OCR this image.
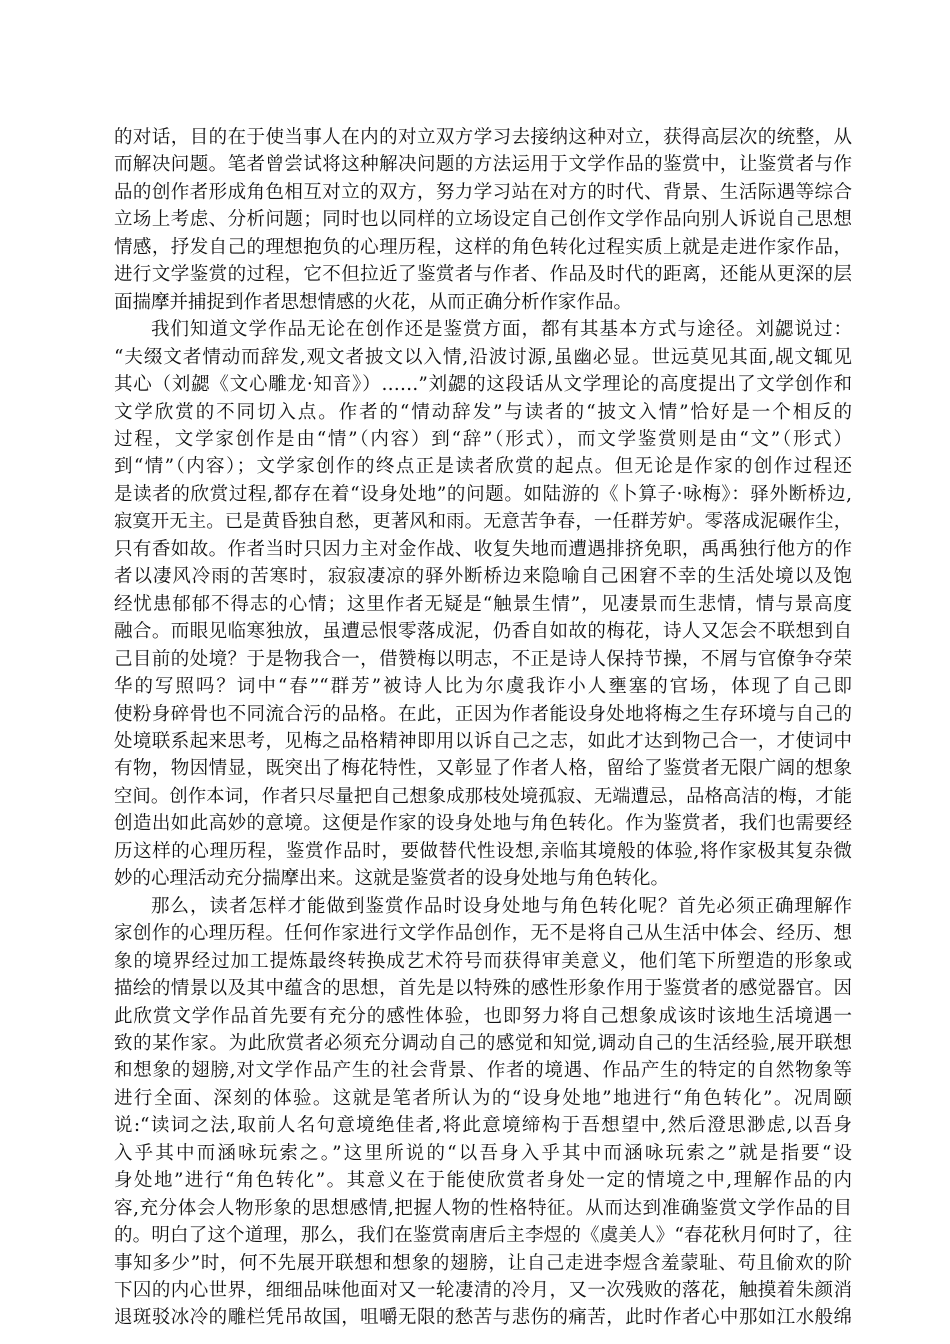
的对话，目的在于使当事人在内的对立双方学习去接纳这种对立，获得高层次的统整，从
而解决问题。笔者曾尝试将这种解决问题的方法运用于文学作品的鉴赏中，让鉴赏者与作
品的创作者形成角色相互对立的双方，努力学习站在对方的时代、背景、生活际遇等综合
立场上考虑、分析问题；同时也以同样的立场设定自己创作文学作品向别人诉说自己思想
情感，抒发自己的理想抱负的心理历程，这样的角色转化过程实质上就是走进作家作品，
进行文学鉴赏的过程，它不但拉近了鉴赏者与作者、作品及时代的距离，还能从更深的层
面揣摩并捕捉到作者思想情感的火花，从而正确分析作家作品。
我们知道文学作品无论在创作还是鉴赏方面，都有其基本方式与途径。刘勰说过：
“夫缀文者情动而辞发,观文者披文以入情,沿波讨源,虽幽必显。世远莫见其面,觇文辄见
其心（刘勰《文心雕龙·知音》）……”刘勰的这段话从文学理论的高度提出了文学创作和
文学欣赏的不同切入点。作者的“情动辞发”与读者的“披文入情”恰好是一个相反的
过程，文学家创作是由“情”（内容）到“辞”（形式），而文学鉴赏则是由“文”（形式）
到“情”（内容）；文学家创作的终点正是读者欣赏的起点。但无论是作家的创作过程还
是读者的欣赏过程,都存在着“设身处地”的问题。如陆游的《卜算子·咏梅》：驿外断桥边,
寂寞开无主。已是黄昏独自愁，更著风和雨。无意苦争春，一任群芳妒。零落成泥碾作尘，
只有香如故。作者当时只因力主对金作战、收复失地而遭遇排挤免职，禹禹独行他方的作
者以凄风冷雨的苦寒时，寂寂凄凉的驿外断桥边来隐喻自己困窘不幸的生活处境以及饱
经忧患郁郁不得志的心情；这里作者无疑是“触景生情”，见凄景而生悲情，情与景高度
融合。而眼见临寒独放，虽遭忌恨零落成泥，仍香自如故的梅花，诗人又怎会不联想到自
己目前的处境？于是物我合一，借赞梅以明志，不正是诗人保持节操，不屑与官僚争夺荣
华的写照吗？词中“春”“群芳”被诗人比为尔虞我诈小人壅塞的官场，体现了自己即
使粉身碎骨也不同流合污的品格。在此，正因为作者能设身处地将梅之生存环境与自己的
处境联系起来思考，见梅之品格精神即用以诉自己之志，如此才达到物己合一，才使词中
有物，物因情显，既突出了梅花特性，又彰显了作者人格，留给了鉴赏者无限广阔的想象
空间。创作本词，作者只尽量把自己想象成那枝处境孤寂、无端遭忌，品格高洁的梅，才能
创造出如此高妙的意境。这便是作家的设身处地与角色转化。作为鉴赏者，我们也需要经
历这样的心理历程，鉴赏作品时，要做替代性设想,亲临其境般的体验,将作家极其复杂微
妙的心理活动充分揣摩出来。这就是鉴赏者的设身处地与角色转化。
那么，读者怎样才能做到鉴赏作品时设身处地与角色转化呢？首先必须正确理解作
家创作的心理历程。任何作家进行文学作品创作，无不是将自己从生活中体会、经历、想
象的境界经过加工提炼最终转换成艺术符号而获得审美意义，他们笔下所塑造的形象或
描绘的情景以及其中蕴含的思想，首先是以特殊的感性形象作用于鉴赏者的感觉器官。因
此欣赏文学作品首先要有充分的感性体验，也即努力将自己想象成该时该地生活境遇一
致的某作家。为此欣赏者必须充分调动自己的感觉和知觉,调动自己的生活经验,展开联想
和想象的翅膀,对文学作品产生的社会背景、作者的境遇、作品产生的特定的自然物象等
进行全面、深刻的体验。这就是笔者所认为的“设身处地”地进行“角色转化”。况周颐
说:“读词之法,取前人名句意境绝佳者,将此意境缔构于吾想望中,然后澄思渺虑,以吾身
入乎其中而涵咏玩索之。”这里所说的“以吾身入乎其中而涵咏玩索之”就是指要“设
身处地”进行“角色转化”。其意义在于能使欣赏者身处一定的情境之中,理解作品的内
容,充分体会人物形象的思想感情,把握人物的性格特征。从而达到准确鉴赏文学作品的目
的。明白了这个道理，那么，我们在鉴赏南唐后主李煜的《虞美人》“春花秋月何时了，往
事知多少”时，何不先展开联想和想象的翅膀，让自己走进李煜含羞蒙耻、苟且偷欢的阶
下囚的内心世界，细细品味他面对又一轮凄清的冷月，又一次残败的落花，触摸着朱颜消
退斑驳冰冷的雕栏凭吊故国，咀嚼无限的愁苦与悲伤的痛苦，此时作者心中那如江水般绵
